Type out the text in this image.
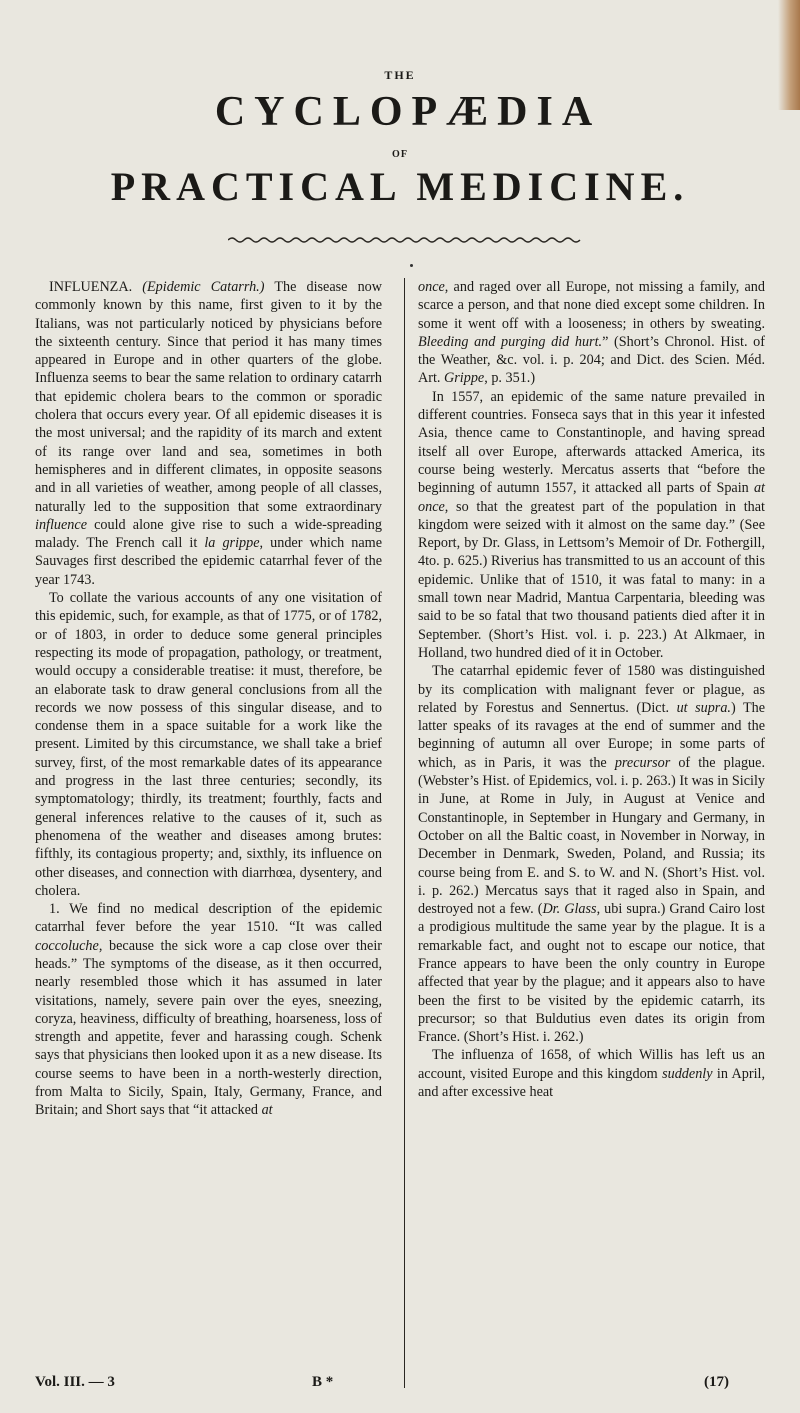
THE
CYCLOPÆDIA
OF
PRACTICAL MEDICINE.

INFLUENZA. (Epidemic Catarrh.) The disease now commonly known by this name, first given to it by the Italians, was not particularly noticed by physicians before the sixteenth century. Since that period it has many times appeared in Europe and in other quarters of the globe. Influenza seems to bear the same relation to ordinary catarrh that epidemic cholera bears to the common or sporadic cholera that occurs every year. Of all epidemic diseases it is the most universal; and the rapidity of its march and extent of its range over land and sea, sometimes in both hemispheres and in different climates, in opposite seasons and in all varieties of weather, among people of all classes, naturally led to the supposition that some extraordinary influence could alone give rise to such a wide-spreading malady. The French call it la grippe, under which name Sauvages first described the epidemic catarrhal fever of the year 1743.

To collate the various accounts of any one visitation of this epidemic, such, for example, as that of 1775, or of 1782, or of 1803, in order to deduce some general principles respecting its mode of propagation, pathology, or treatment, would occupy a considerable treatise: it must, therefore, be an elaborate task to draw general conclusions from all the records we now possess of this singular disease, and to condense them in a space suitable for a work like the present. Limited by this circumstance, we shall take a brief survey, first, of the most remarkable dates of its appearance and progress in the last three centuries; secondly, its symptomatology; thirdly, its treatment; fourthly, facts and general inferences relative to the causes of it, such as phenomena of the weather and diseases among brutes: fifthly, its contagious property; and, sixthly, its influence on other diseases, and connection with diarrhœa, dysentery, and cholera.

1. We find no medical description of the epidemic catarrhal fever before the year 1510. “It was called coccoluche, because the sick wore a cap close over their heads.” The symptoms of the disease, as it then occurred, nearly resembled those which it has assumed in later visitations, namely, severe pain over the eyes, sneezing, coryza, heaviness, difficulty of breathing, hoarseness, loss of strength and appetite, fever and harassing cough. Schenk says that physicians then looked upon it as a new disease. Its course seems to have been in a north-westerly direction, from Malta to Sicily, Spain, Italy, Germany, France, and Britain; and Short says that “it attacked at

once, and raged over all Europe, not missing a family, and scarce a person, and that none died except some children. In some it went off with a looseness; in others by sweating. Bleeding and purging did hurt.” (Short’s Chronol. Hist. of the Weather, &c. vol. i. p. 204; and Dict. des Scien. Méd. Art. Grippe, p. 351.)

In 1557, an epidemic of the same nature prevailed in different countries. Fonseca says that in this year it infested Asia, thence came to Constantinople, and having spread itself all over Europe, afterwards attacked America, its course being westerly. Mercatus asserts that “before the beginning of autumn 1557, it attacked all parts of Spain at once, so that the greatest part of the population in that kingdom were seized with it almost on the same day.” (See Report, by Dr. Glass, in Lettsom’s Memoir of Dr. Fothergill, 4to. p. 625.) Riverius has transmitted to us an account of this epidemic. Unlike that of 1510, it was fatal to many: in a small town near Madrid, Mantua Carpentaria, bleeding was said to be so fatal that two thousand patients died after it in September. (Short’s Hist. vol. i. p. 223.) At Alkmaer, in Holland, two hundred died of it in October.

The catarrhal epidemic fever of 1580 was distinguished by its complication with malignant fever or plague, as related by Forestus and Sennertus. (Dict. ut supra.) The latter speaks of its ravages at the end of summer and the beginning of autumn all over Europe; in some parts of which, as in Paris, it was the precursor of the plague. (Webster’s Hist. of Epidemics, vol. i. p. 263.) It was in Sicily in June, at Rome in July, in August at Venice and Constantinople, in September in Hungary and Germany, in October on all the Baltic coast, in November in Norway, in December in Denmark, Sweden, Poland, and Russia; its course being from E. and S. to W. and N. (Short’s Hist. vol. i. p. 262.) Mercatus says that it raged also in Spain, and destroyed not a few. (Dr. Glass, ubi supra.) Grand Cairo lost a prodigious multitude the same year by the plague. It is a remarkable fact, and ought not to escape our notice, that France appears to have been the only country in Europe affected that year by the plague; and it appears also to have been the first to be visited by the epidemic catarrh, its precursor; so that Buldutius even dates its origin from France. (Short’s Hist. i. 262.)

The influenza of 1658, of which Willis has left us an account, visited Europe and this kingdom suddenly in April, and after excessive heat

Vol. III. — 3	B *	(17)
